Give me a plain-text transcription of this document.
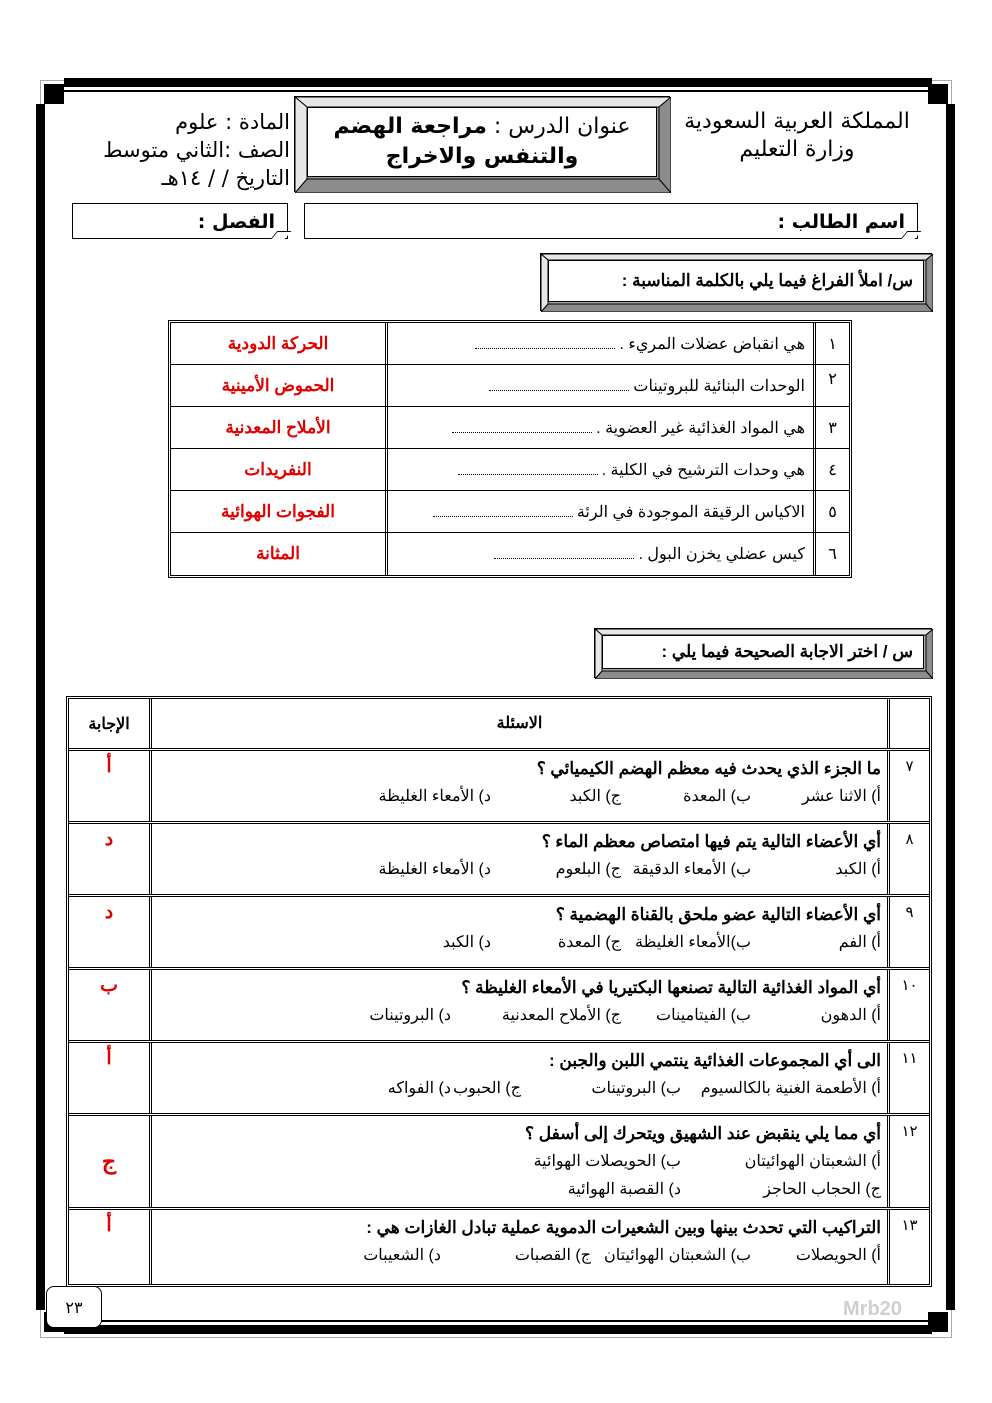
المملكة العربية السعودية
وزارة التعليم
عنوان الدرس : مراجعة الهضم
والتنفس والاخراج
المادة : علوم
الصف :الثاني متوسط
التاريخ / / ١٤هـ
اسم الطالب :
الفصل :
س/ املأ الفراغ فيما يلي بالكلمة المناسبة :
١
هي انقباض عضلات المريء .
الحركة الدودية
٢
الوحدات البنائية للبروتينات
الحموض الأمينية
٣
هي المواد الغذائية غير العضوية .
الأملاح المعدنية
٤
هي وحدات الترشيح في الكلية .
النفريدات
٥
الاكياس الرقيقة الموجودة في الرئة
الفجوات الهوائية
٦
كيس عضلي يخزن البول .
المثانة
س / اختر الاجابة الصحيحة فيما يلي :
الاسئلة
الإجابة
٧
ما الجزء الذي يحدث فيه معظم الهضم الكيميائي ؟
أ) الاثنا عشر
ب) المعدة
ج) الكبد
د) الأمعاء الغليظة
أ
٨
أي الأعضاء التالية يتم فيها امتصاص معظم الماء ؟
أ) الكبد
ب) الأمعاء الدقيقة
ج) البلعوم
د) الأمعاء الغليظة
د
٩
أي الأعضاء التالية عضو ملحق بالقناة الهضمية ؟
أ) الفم
ب)الأمعاء الغليظة
ج) المعدة
د) الكبد
د
١٠
أي المواد الغذائية التالية تصنعها البكتيريا في الأمعاء الغليظة ؟
أ) الدهون
ب) الفيتامينات
ج) الأملاح المعدنية
د) البروتينات
ب
١١
الى أي المجموعات الغذائية ينتمي اللبن والجبن :
أ) الأطعمة الغنية بالكالسيوم
ب) البروتينات
ج) الحبوب
د) الفواكه
أ
١٢
أي مما يلي ينقبض عند الشهيق ويتحرك إلى أسفل ؟
أ) الشعبتان الهوائيتان
ب) الحويصلات الهوائية
ج) الحجاب الحاجز
د) القصبة الهوائية
ج
١٣
التراكيب التي تحدث بينها وبين الشعيرات الدموية عملية تبادل الغازات هي :
أ) الحويصلات
ب) الشعبتان الهوائيتان
ج) القصبات
د) الشعيبات
أ
٢٣	Mrb20
